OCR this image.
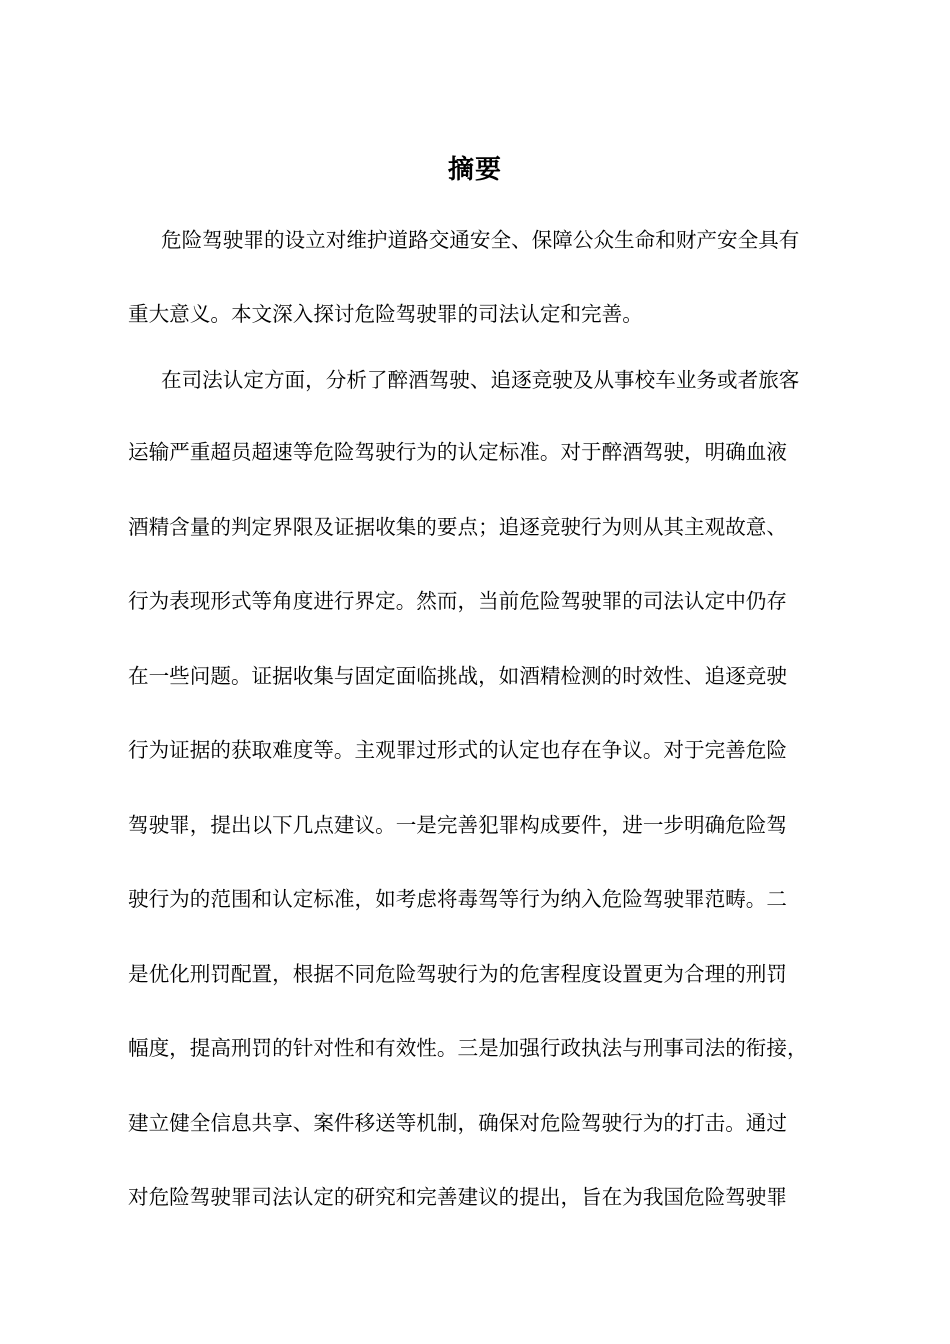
摘要
危险驾驶罪的设立对维护道路交通安全、保障公众生命和财产安全具有
重大意义。本文深入探讨危险驾驶罪的司法认定和完善。
在司法认定方面，分析了醉酒驾驶、追逐竞驶及从事校车业务或者旅客
运输严重超员超速等危险驾驶行为的认定标准。对于醉酒驾驶，明确血液
酒精含量的判定界限及证据收集的要点；追逐竞驶行为则从其主观故意、
行为表现形式等角度进行界定。然而，当前危险驾驶罪的司法认定中仍存
在一些问题。证据收集与固定面临挑战，如酒精检测的时效性、追逐竞驶
行为证据的获取难度等。主观罪过形式的认定也存在争议。对于完善危险
驾驶罪，提出以下几点建议。一是完善犯罪构成要件，进一步明确危险驾
驶行为的范围和认定标准，如考虑将毒驾等行为纳入危险驾驶罪范畴。二
是优化刑罚配置，根据不同危险驾驶行为的危害程度设置更为合理的刑罚
幅度，提高刑罚的针对性和有效性。三是加强行政执法与刑事司法的衔接，
建立健全信息共享、案件移送等机制，确保对危险驾驶行为的打击。通过
对危险驾驶罪司法认定的研究和完善建议的提出，旨在为我国危险驾驶罪
